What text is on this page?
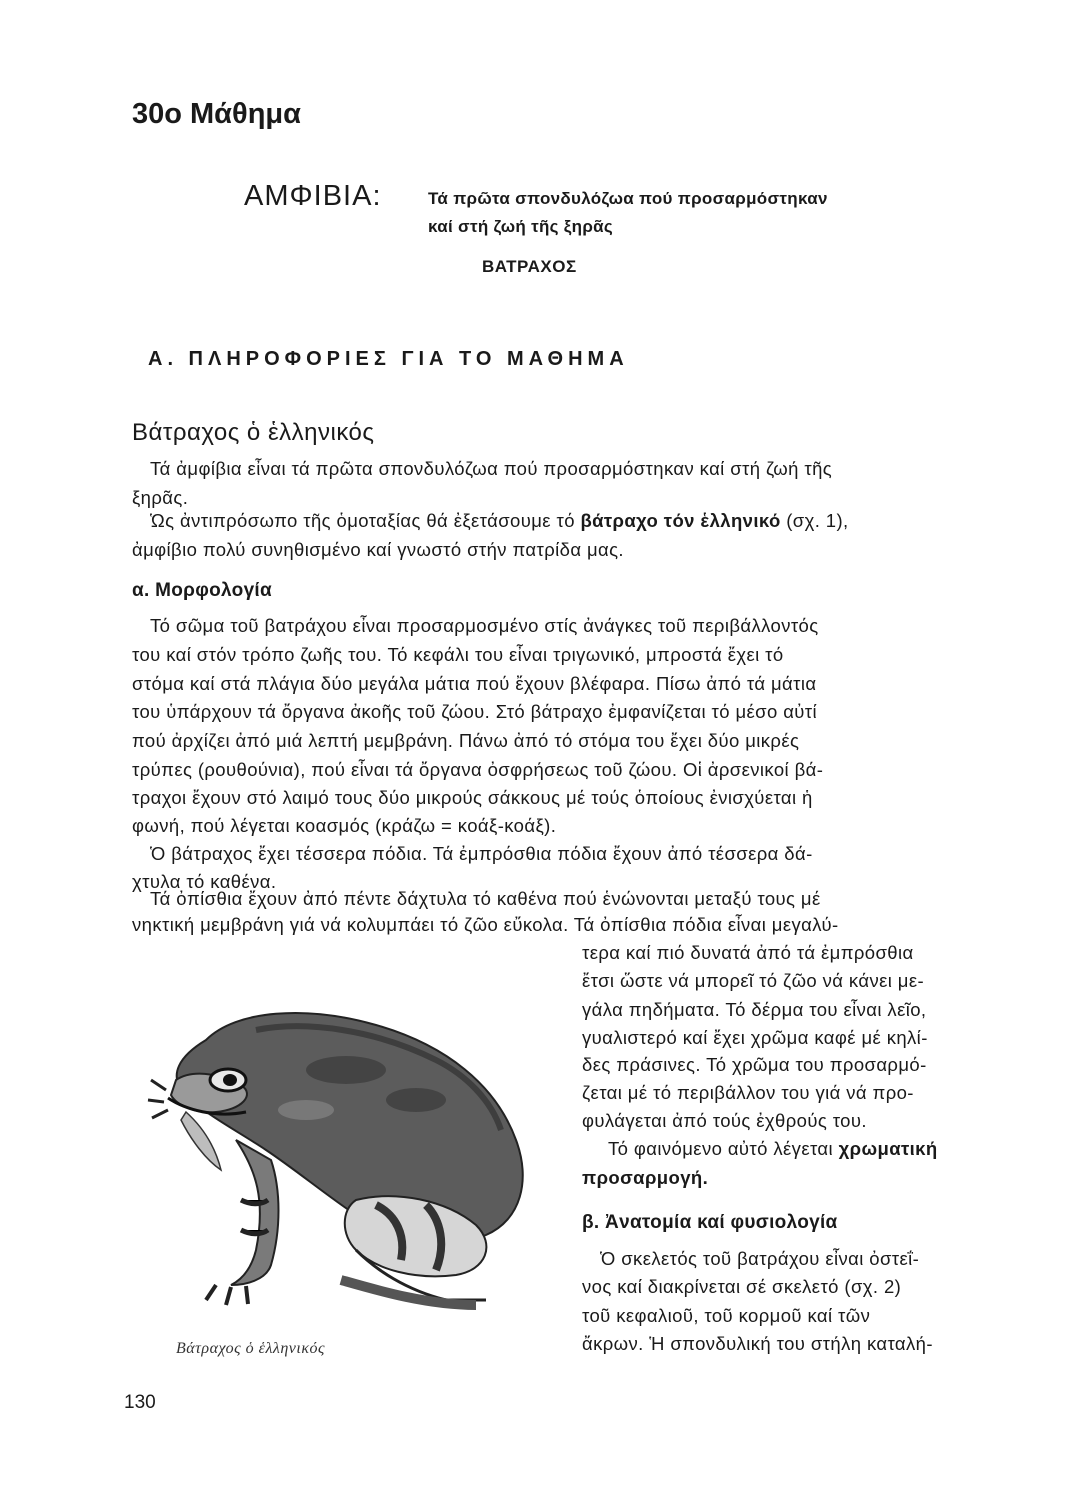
30ο Μάθημα
ΑΜΦΙΒΙΑ:	Τά πρῶτα σπονδυλόζωα πού προσαρμόστηκαν
καί στή ζωή τῆς ξηρᾶς
ΒΑΤΡΑΧΟΣ
Α. ΠΛΗΡΟΦΟΡΙΕΣ ΓΙΑ ΤΟ ΜΑΘΗΜΑ
Βάτραχος ὁ ἑλληνικός
Τά ἀμφίβια εἶναι τά πρῶτα σπονδυλόζωα πού προσαρμόστηκαν καί στή ζωή τῆς
ξηρᾶς.
Ὡς ἀντιπρόσωπο τῆς ὁμοταξίας θά ἐξετάσουμε τό βάτραχο τόν ἑλληνικό (σχ. 1),
ἀμφίβιο πολύ συνηθισμένο καί γνωστό στήν πατρίδα μας.
α. Μορφολογία
Τό σῶμα τοῦ βατράχου εἶναι προσαρμοσμένο στίς ἀνάγκες τοῦ περιβάλλοντός
του καί στόν τρόπο ζωῆς του. Τό κεφάλι του εἶναι τριγωνικό, μπροστά ἔχει τό
στόμα καί στά πλάγια δύο μεγάλα μάτια πού ἔχουν βλέφαρα. Πίσω ἀπό τά μάτια
του ὑπάρχουν τά ὄργανα ἀκοῆς τοῦ ζώου. Στό βάτραχο ἐμφανίζεται τό μέσο αὐτί
πού ἀρχίζει ἀπό μιά λεπτή μεμβράνη. Πάνω ἀπό τό στόμα του ἔχει δύο μικρές
τρύπες (ρουθούνια), πού εἶναι τά ὄργανα ὀσφρήσεως τοῦ ζώου. Οἱ ἀρσενικοί βά-
τραχοι ἔχουν στό λαιμό τους δύο μικρούς σάκκους μέ τούς ὁποίους ἐνισχύεται ἡ
φωνή, πού λέγεται κοασμός (κράζω = κοάξ-κοάξ).
Ὁ βάτραχος ἔχει τέσσερα πόδια. Τά ἐμπρόσθια πόδια ἔχουν ἀπό τέσσερα δά-
χτυλα τό καθένα.
Τά ὀπίσθια ἔχουν ἀπό πέντε δάχτυλα τό καθένα πού ἑνώνονται μεταξύ τους μέ
νηκτική μεμβράνη γιά νά κολυμπάει τό ζῶο εὔκολα. Τά ὀπίσθια πόδια εἶναι μεγαλύ-
τερα καί πιό δυνατά ἀπό τά ἐμπρόσθια
ἔτσι ὥστε νά μπορεῖ τό ζῶο νά κάνει με-
γάλα πηδήματα. Τό δέρμα του εἶναι λεῖο,
γυαλιστερό καί ἔχει χρῶμα καφέ μέ κηλί-
δες πράσινες. Τό χρῶμα του προσαρμό-
ζεται μέ τό περιβάλλον του γιά νά προ-
φυλάγεται ἀπό τούς ἐχθρούς του.
Τό φαινόμενο αὐτό λέγεται χρωματική
προσαρμογή.
β. Ἀνατομία καί φυσιολογία
Ὁ σκελετός τοῦ βατράχου εἶναι ὀστεΐ-
νος καί διακρίνεται σέ σκελετό (σχ. 2)
τοῦ κεφαλιοῦ, τοῦ κορμοῦ καί τῶν
ἄκρων. Ἡ σπονδυλική του στήλη καταλή-
Βάτραχος ὁ ἑλληνικός
130
